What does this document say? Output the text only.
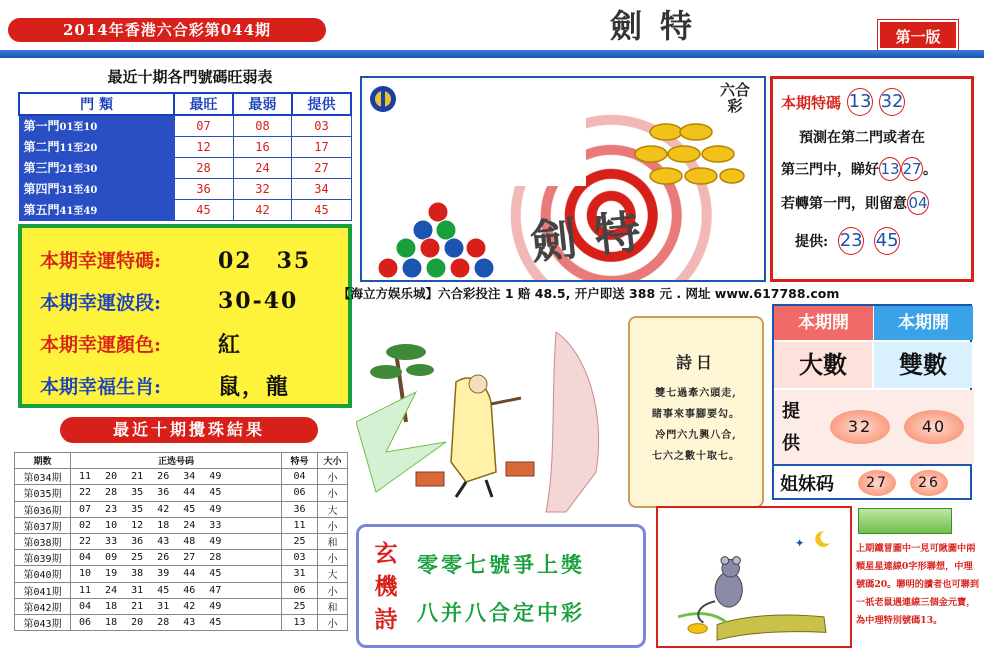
2014年香港六合彩第044期	劍特	第一版
最近十期各門號碼旺弱表
門 類	最旺	最弱	提供
第一門01至10	07	08	03
第二門11至20	12	16	17
第三門21至30	28	24	27
第四門31至40	36	32	34
第五門41至49	45	42	45
本期幸運特碼:	02　35
本期幸運波段:	30-40
本期幸運顏色:	紅
本期幸福生肖:	鼠，龍
最近十期攪珠結果
期数	正选号码	特号	大小
第034期	11 20 21 26 34 49	04	小
第035期	22 28 35 36 44 45	06	小
第036期	07 23 35 42 45 49	36	大
第037期	02 10 12 18 24 33	11	小
第038期	22 33 36 43 48 49	25	和
第039期	04 09 25 26 27 28	03	小
第040期	10 19 38 39 44 45	31	大
第041期	11 24 31 45 46 47	06	小
第042期	04 18 21 31 42 49	25	和
第043期	06 18 20 28 43 45	13	小
六合彩
劍特
【海立方娱乐城】六合彩投注 1 赔 48.5, 开户即送 388 元 . 网址 www.617788.com
本期特碼 13 32
預測在第二門或者在
第三門中，睇好 13 27 。
若轉第一門，則留意 04
提供: 23 45
詩日
雙七過牽六頭走,
睹事來事腳要勾。
冷門六九興八合,
七六之數十取七。
本期開	本期開
大數	雙數
提供
32	40
姐妹码	27	26
玄機詩
零零七號爭上獎
八并八合定中彩
✦	上期鐵冒圖中一見可瞅圖中兩顆星星連線0字形聯想，中理號碼20。聯明的讀者也可聯到一祇老鼠遇連線三個金元寶，為中理特別號碼13。
